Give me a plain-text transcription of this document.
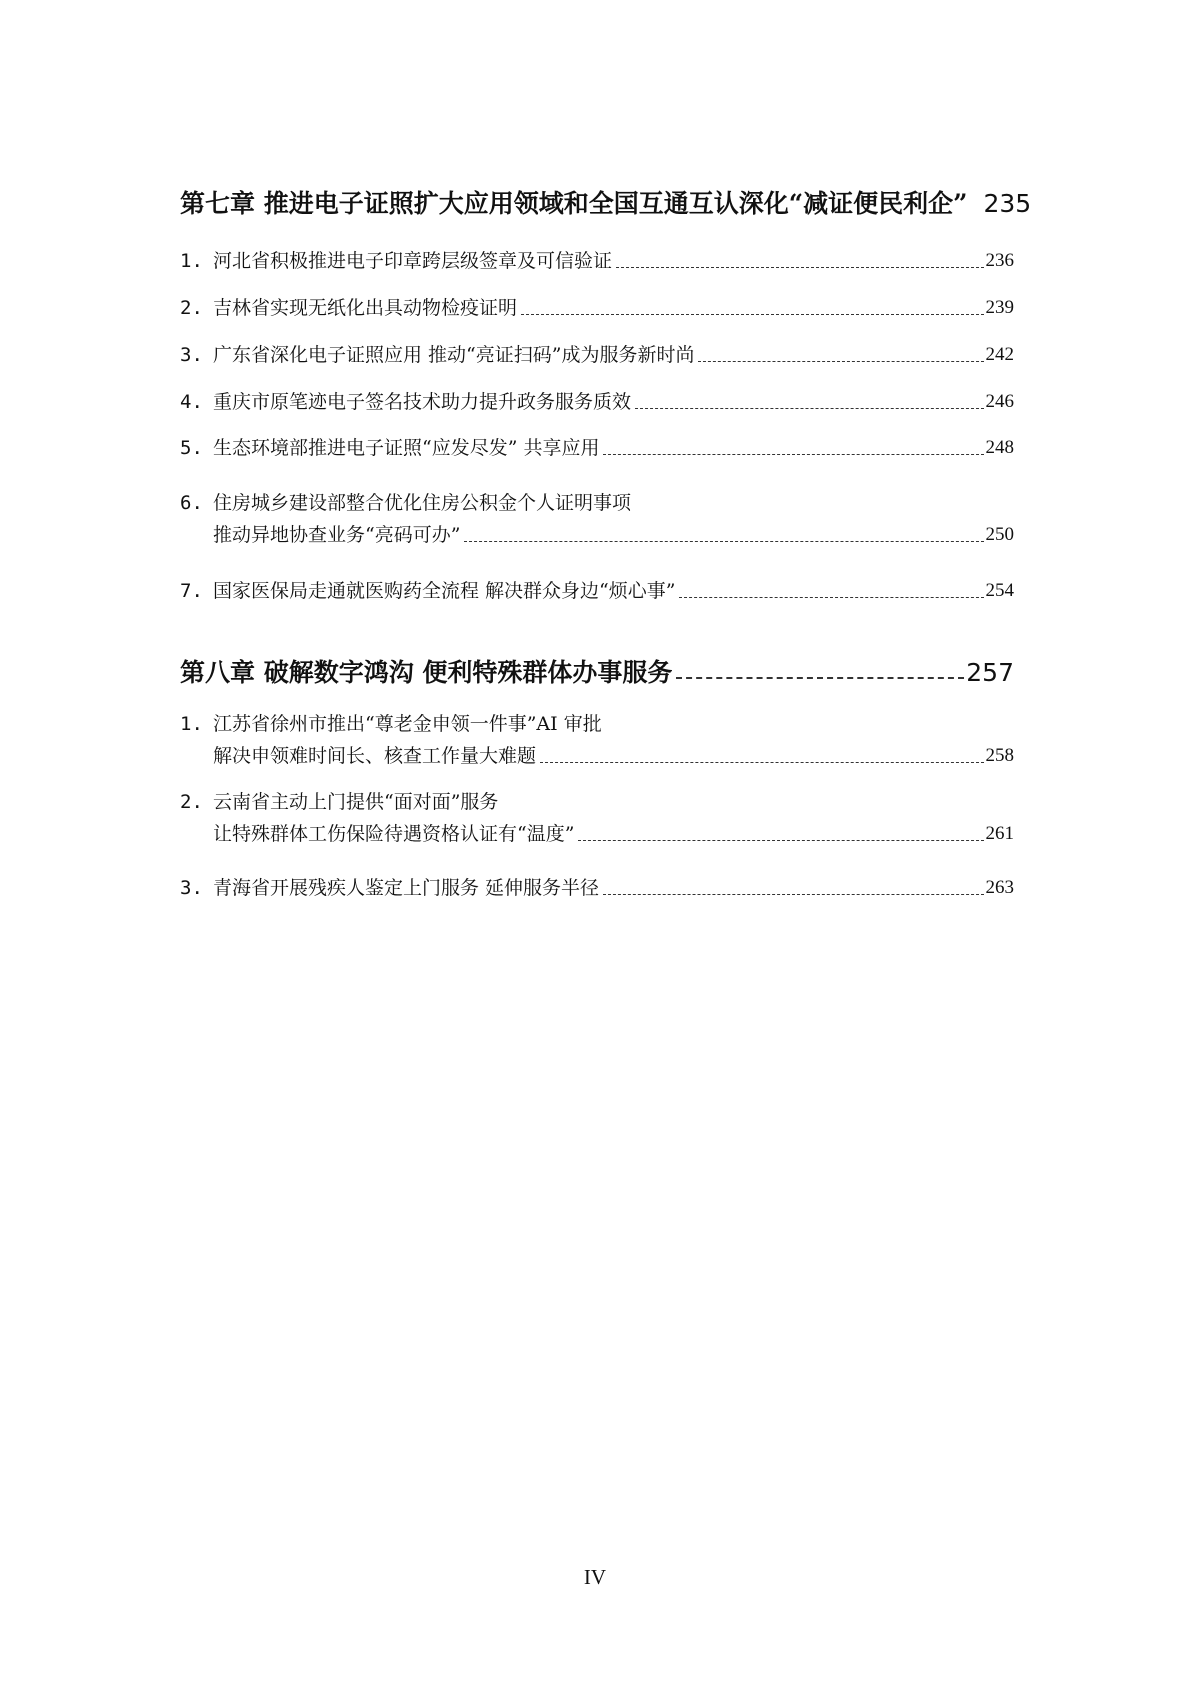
第七章 推进电子证照扩大应用领域和全国互通互认深化“减证便民利企” 235
1. 河北省积极推进电子印章跨层级签章及可信验证	236
2. 吉林省实现无纸化出具动物检疫证明	239
3. 广东省深化电子证照应用 推动“亮证扫码”成为服务新时尚	242
4. 重庆市原笔迹电子签名技术助力提升政务服务质效	246
5. 生态环境部推进电子证照“应发尽发” 共享应用	248
6. 住房城乡建设部整合优化住房公积金个人证明事项
推动异地协查业务“亮码可办”	250
7. 国家医保局走通就医购药全流程 解决群众身边“烦心事”	254
第八章 破解数字鸿沟 便利特殊群体办事服务	257
1. 江苏省徐州市推出“尊老金申领一件事”AI 审批
解决申领难时间长、核查工作量大难题	258
2. 云南省主动上门提供“面对面”服务
让特殊群体工伤保险待遇资格认证有“温度”	261
3. 青海省开展残疾人鉴定上门服务 延伸服务半径	263
IV
